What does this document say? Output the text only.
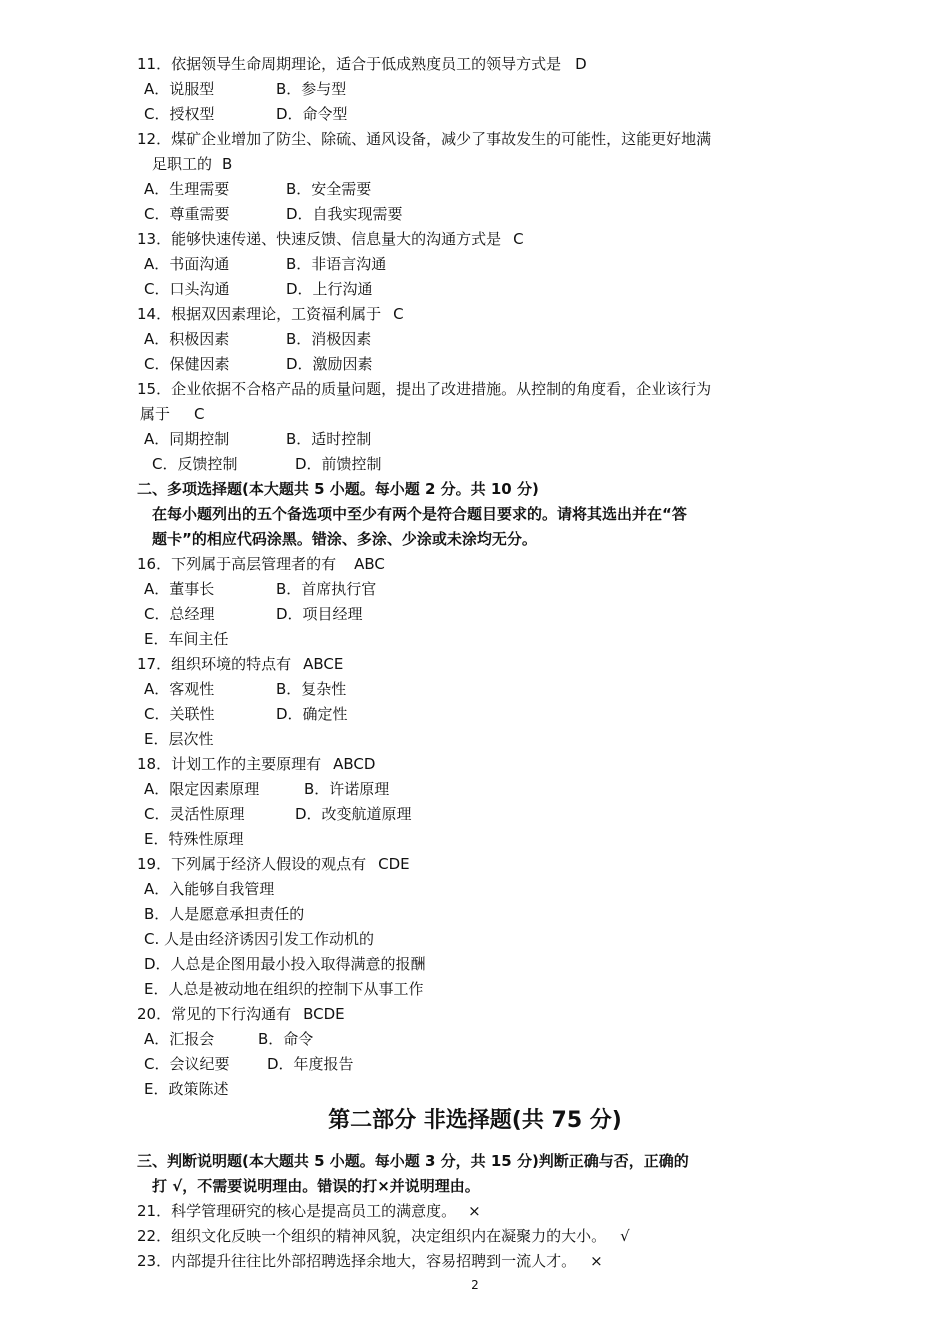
11．依据领导生命周期理论，适合于低成熟度员工的领导方式是 D
A．说服型	B．参与型
C．授权型	D．命令型
12．煤矿企业增加了防尘、除硫、通风设备，减少了事故发生的可能性，这能更好地满
足职工的 B
A．生理需要	B．安全需要
C．尊重需要	D．自我实现需要
13．能够快速传递、快速反馈、信息量大的沟通方式是 C
A．书面沟通	B．非语言沟通
C．口头沟通	D．上行沟通
14．根据双因素理论，工资福利属于 C
A．积极因素	B．消极因素
C．保健因素	D．激励因素
15．企业依据不合格产品的质量问题，提出了改进措施。从控制的角度看，企业该行为
属于 C
A．同期控制	B．适时控制
C．反馈控制	D．前馈控制
二、多项选择题(本大题共 5 小题。每小题 2 分。共 10 分)
在每小题列出的五个备选项中至少有两个是符合题目要求的。请将其选出并在“答
题卡”的相应代码涂黑。错涂、多涂、少涂或未涂均无分。
16．下列属于高层管理者的有 ABC
A．董事长	B．首席执行官
C．总经理	D．项目经理
E．车间主任
17．组织环境的特点有 ABCE
A．客观性	B．复杂性
C．关联性	D．确定性
E．层次性
18．计划工作的主要原理有 ABCD
A．限定因素原理	B．许诺原理
C．灵活性原理	D．改变航道原理
E．特殊性原理
19．下列属于经济人假设的观点有 CDE
A．入能够自我管理
B．人是愿意承担责任的
C. 人是由经济诱因引发工作动机的
D．人总是企图用最小投入取得满意的报酬
E．人总是被动地在组织的控制下从事工作
20．常见的下行沟通有 BCDE
A．汇报会	B．命令
C．会议纪要	D．年度报告
E．政策陈述
第二部分 非选择题(共 75 分)
三、判断说明题(本大题共 5 小题。每小题 3 分，共 15 分)判断正确与否，正确的
打 √，不需要说明理由。错误的打×并说明理由。
21．科学管理研究的核心是提高员工的满意度。 ×
22．组织文化反映一个组织的精神风貌，决定组织内在凝聚力的大小。 √
23．内部提升往往比外部招聘选择余地大，容易招聘到一流人才。 ×
2
